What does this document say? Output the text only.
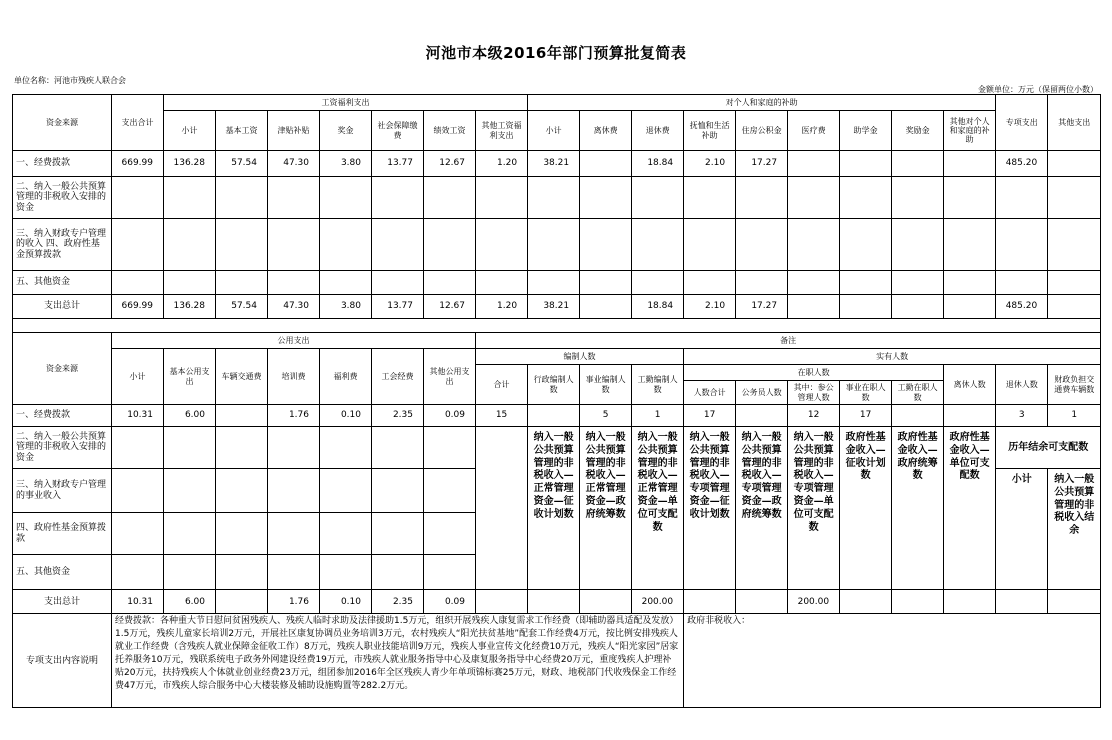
河池市本级2016年部门预算批复简表
单位名称：河池市残疾人联合会
金额单位：万元（保留两位小数）
资金来源	支出合计	工资福利支出							对个人和家庭的补助									专项支出	其他支出	
		小计	基本工资	津贴补贴	奖金	社会保障缴费	绩效工资	其他工资福利支出	小计	离休费	退休费	抚恤和生活补助	住房公积金	医疗费	助学金	奖励金	其他对个人和家庭的补助			
一、经费拨款	669.99	136.28	57.54	47.30	3.80	13.77	12.67	1.20	38.21		18.84	2.10	17.27					485.20		
二、纳入一般公共预算管理的非税收入安排的资金																				
三、纳入财政专户管理的收入 四、政府性基金预算拨款																				
五、其他资金																				
支出总计	669.99	136.28	57.54	47.30	3.80	13.77	12.67	1.20	38.21		18.84	2.10	17.27					485.20		

资金来源	公用支出							备注												
	小计	基本公用支出	车辆交通费	培训费	福利费	工会经费	其他公用支出	编制人数				实有人数								
								合计	行政编制人数	事业编制人数	工勤编制人数	在职人数					离休人数	退休人数	财政负担交通费车辆数	
												人数合计	公务员人数	其中：参公管理人数	事业在职人数	工勤在职人数				
一、经费拨款	10.31	6.00		1.76	0.10	2.35	0.09	15		5	1	17		12	17			3	1	
二、纳入一般公共预算管理的非税收入安排的资金									纳入一般公共预算管理的非税收入—正常管理资金—征收计划数	纳入一般公共预算管理的非税收入—正常管理资金—政府统筹数	纳入一般公共预算管理的非税收入—正常管理资金—单位可支配数	纳入一般公共预算管理的非税收入—专项管理资金—征收计划数	纳入一般公共预算管理的非税收入—专项管理资金—政府统筹数	纳入一般公共预算管理的非税收入—专项管理资金—单位可支配数	政府性基金收入—征收计划数	政府性基金收入—政府统筹数	政府性基金收入—单位可支配数	历年结余可支配数		
三、纳入财政专户管理的事业收入																		小计	纳入一般公共预算管理的非税收入结余	
四、政府性基金预算拨款																				
五、其他资金																				
支出总计	10.31	6.00		1.76	0.10	2.35	0.09				200.00			200.00						
专项支出内容说明	经费拨款：各种重大节日慰问贫困残疾人、残疾人临时求助及法律援助1.5万元，组织开展残疾人康复需求工作经费（即辅助器具适配及发放）1.5万元，残疾儿童家长培训2万元，开展社区康复协调员业务培训3万元，农村残疾人“阳光扶贫基地”配套工作经费4万元，按比例安排残疾人就业工作经费（含残疾人就业保障金征收工作）8万元，残疾人职业技能培训9万元，残疾人事业宣传文化经费10万元，残疾人“阳光家园”居家托养服务10万元，残联系统电子政务外网建设经费19万元，市残疾人就业服务指导中心及康复服务指导中心经费20万元，重度残疾人护理补贴20万元，扶持残疾人个体就业创业经费23万元，组团参加2016年全区残疾人青少年单项锦标赛25万元，财政、地税部门代收残保金工作经费47万元，市残疾人综合服务中心大楼装修及辅助设施购置等282.2万元。											政府非税收入：								
